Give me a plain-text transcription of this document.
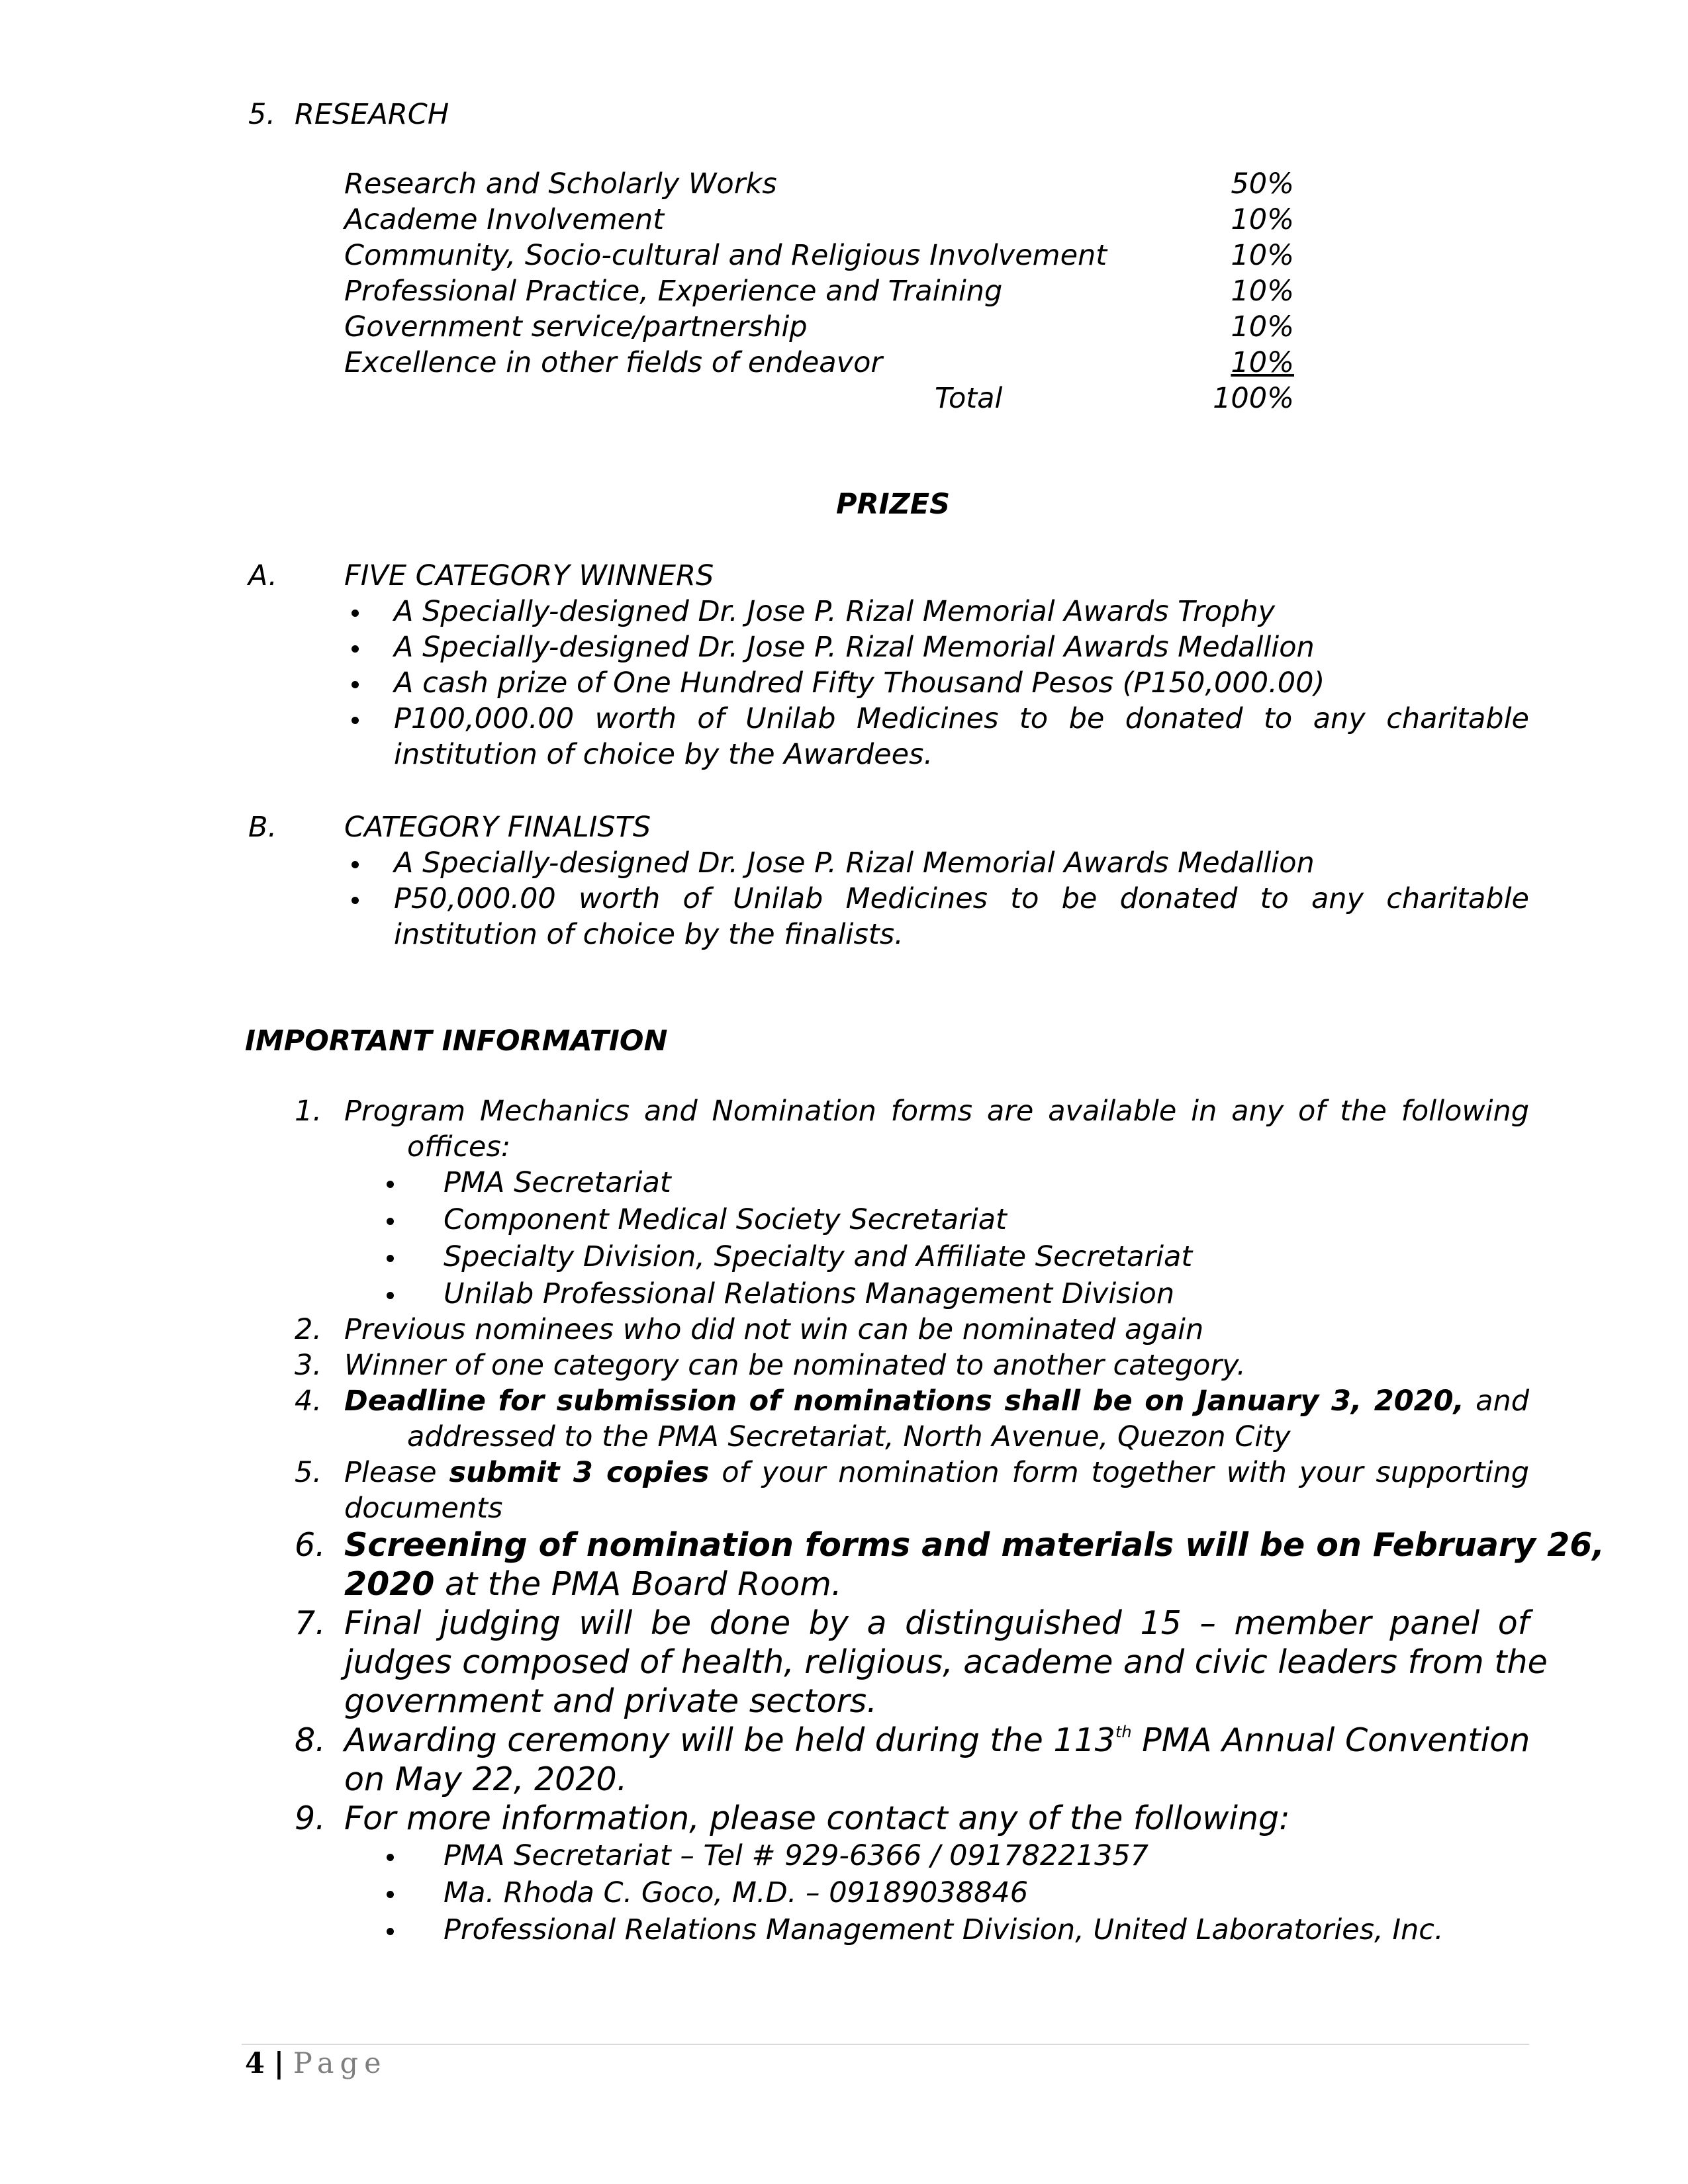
5. RESEARCH
Research and Scholarly Works	50%
Academe Involvement	10%
Community, Socio-cultural and Religious Involvement	10%
Professional Practice, Experience and Training	10%
Government service/partnership	10%
Excellence in other fields of endeavor	10%
Total	100%
PRIZES
A. FIVE CATEGORY WINNERS
A Specially-designed Dr. Jose P. Rizal Memorial Awards Trophy
A Specially-designed Dr. Jose P. Rizal Memorial Awards Medallion
A cash prize of One Hundred Fifty Thousand Pesos (P150,000.00)
P100,000.00 worth of Unilab Medicines to be donated to any charitable
institution of choice by the Awardees.
B. CATEGORY FINALISTS
A Specially-designed Dr. Jose P. Rizal Memorial Awards Medallion
P50,000.00 worth of Unilab Medicines to be donated to any charitable
institution of choice by the finalists.
IMPORTANT INFORMATION
1. Program Mechanics and Nomination forms are available in any of the following
offices:
PMA Secretariat
Component Medical Society Secretariat
Specialty Division, Specialty and Affiliate Secretariat
Unilab Professional Relations Management Division
2. Previous nominees who did not win can be nominated again
3. Winner of one category can be nominated to another category.
4. Deadline for submission of nominations shall be on January 3, 2020, and
addressed to the PMA Secretariat, North Avenue, Quezon City
5. Please submit 3 copies of your nomination form together with your supporting
documents
6. Screening of nomination forms and materials will be on February 26,
2020 at the PMA Board Room.
7. Final judging will be done by a distinguished 15 – member panel of
judges composed of health, religious, academe and civic leaders from the
government and private sectors.
8. Awarding ceremony will be held during the 113th PMA Annual Convention
on May 22, 2020.
9. For more information, please contact any of the following:
PMA Secretariat – Tel # 929-6366 / 09178221357
Ma. Rhoda C. Goco, M.D. – 09189038846
Professional Relations Management Division, United Laboratories, Inc.
4 | Page
